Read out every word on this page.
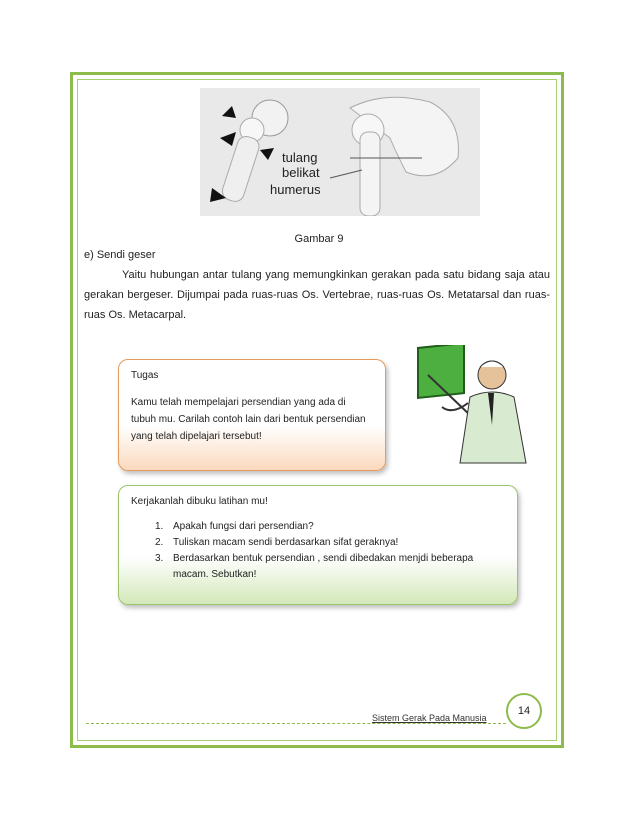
tulang
belikat
humerus
Gambar 9
e) Sendi geser
Yaitu hubungan antar tulang yang memungkinkan gerakan pada satu bidang saja atau gerakan bergeser. Dijumpai pada ruas-ruas Os. Vertebrae, ruas-ruas Os. Metatarsal dan ruas-ruas Os. Metacarpal.
Tugas
Kamu telah mempelajari persendian yang ada di tubuh mu. Carilah contoh lain dari bentuk persendian yang telah dipelajari tersebut!
Kerjakanlah dibuku latihan mu!
1. Apakah fungsi dari persendian?
2. Tuliskan macam sendi berdasarkan sifat geraknya!
3. Berdasarkan bentuk persendian , sendi dibedakan menjdi beberapa macam. Sebutkan!
Sistem Gerak Pada Manusia
14
